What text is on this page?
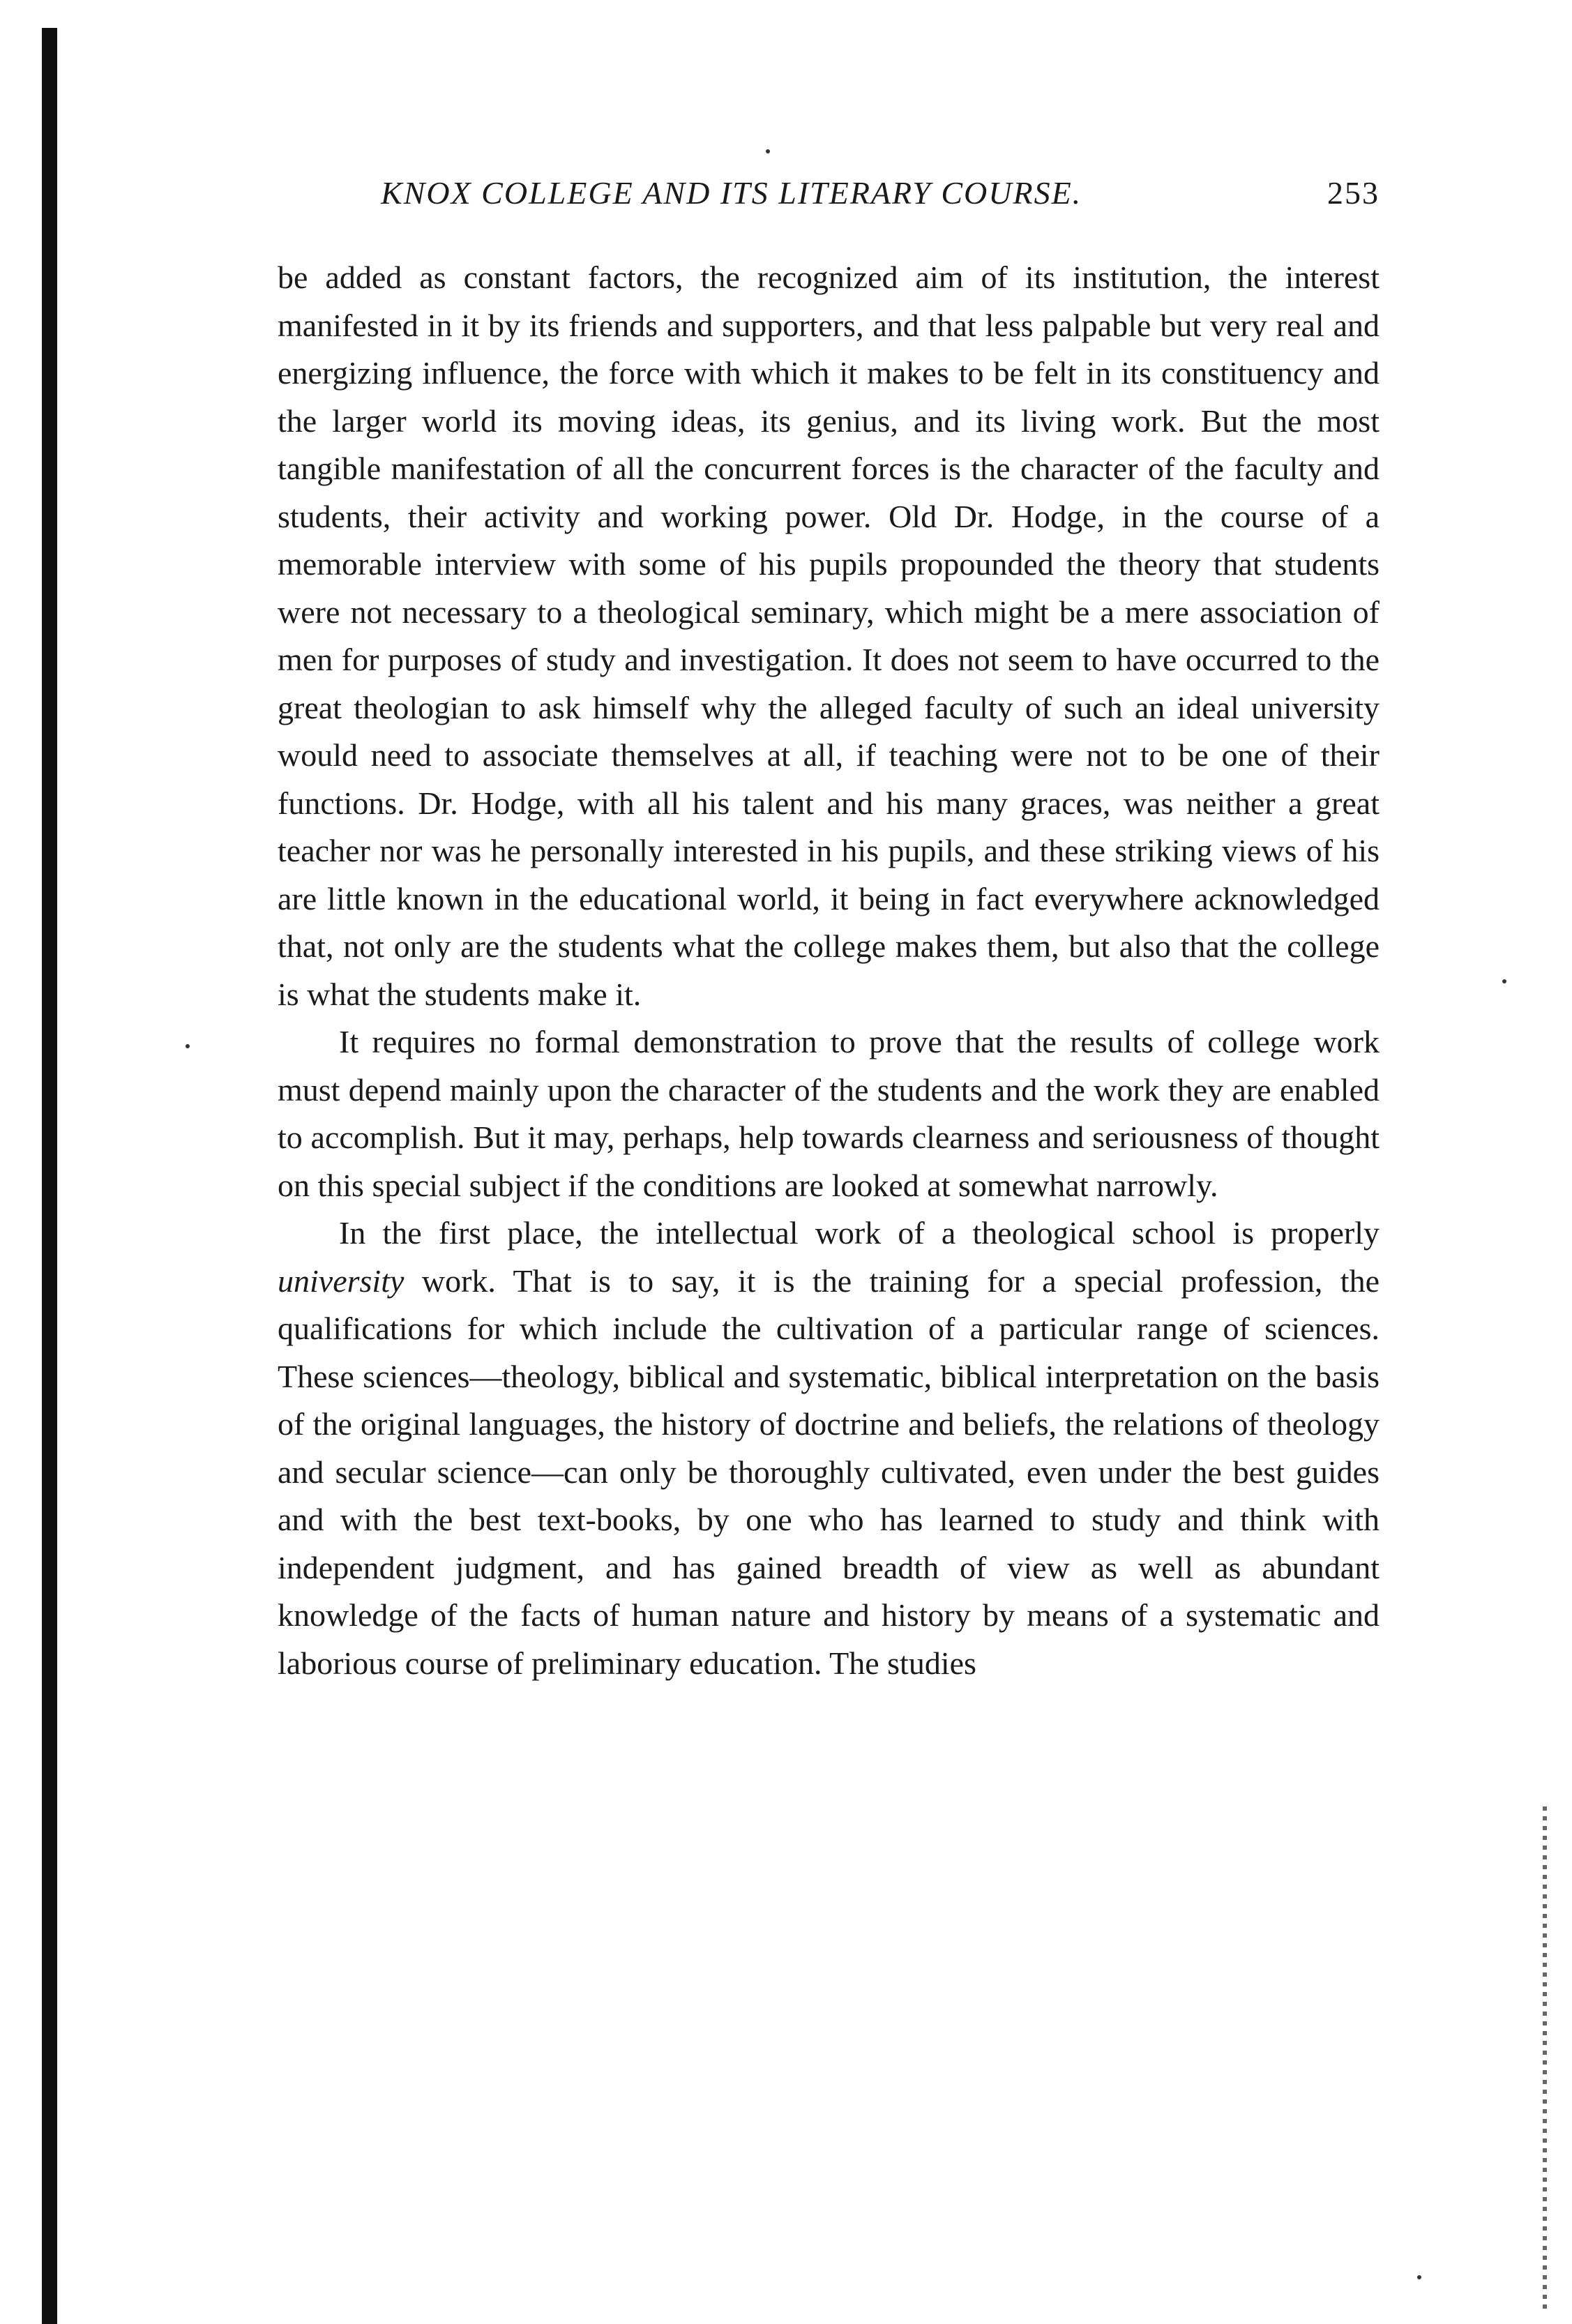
KNOX COLLEGE AND ITS LITERARY COURSE.	253

be added as constant factors, the recognized aim of its institution, the interest manifested in it by its friends and supporters, and that less palpable but very real and energizing influence, the force with which it makes to be felt in its constituency and the larger world its moving ideas, its genius, and its living work. But the most tangible manifestation of all the concurrent forces is the character of the faculty and students, their activity and working power. Old Dr. Hodge, in the course of a memorable interview with some of his pupils propounded the theory that students were not necessary to a theological seminary, which might be a mere association of men for purposes of study and investigation. It does not seem to have occurred to the great theologian to ask himself why the alleged faculty of such an ideal university would need to associate themselves at all, if teaching were not to be one of their functions. Dr. Hodge, with all his talent and his many graces, was neither a great teacher nor was he personally interested in his pupils, and these striking views of his are little known in the educational world, it being in fact everywhere acknowledged that, not only are the students what the college makes them, but also that the college is what the students make it.

It requires no formal demonstration to prove that the results of college work must depend mainly upon the character of the students and the work they are enabled to accomplish. But it may, perhaps, help towards clearness and seriousness of thought on this special subject if the conditions are looked at somewhat narrowly.

In the first place, the intellectual work of a theological school is properly university work. That is to say, it is the training for a special profession, the qualifications for which include the cultivation of a particular range of sciences. These sciences—theology, biblical and systematic, biblical interpretation on the basis of the original languages, the history of doctrine and beliefs, the relations of theology and secular science—can only be thoroughly cultivated, even under the best guides and with the best text-books, by one who has learned to study and think with independent judgment, and has gained breadth of view as well as abundant knowledge of the facts of human nature and history by means of a systematic and laborious course of preliminary education. The studies
